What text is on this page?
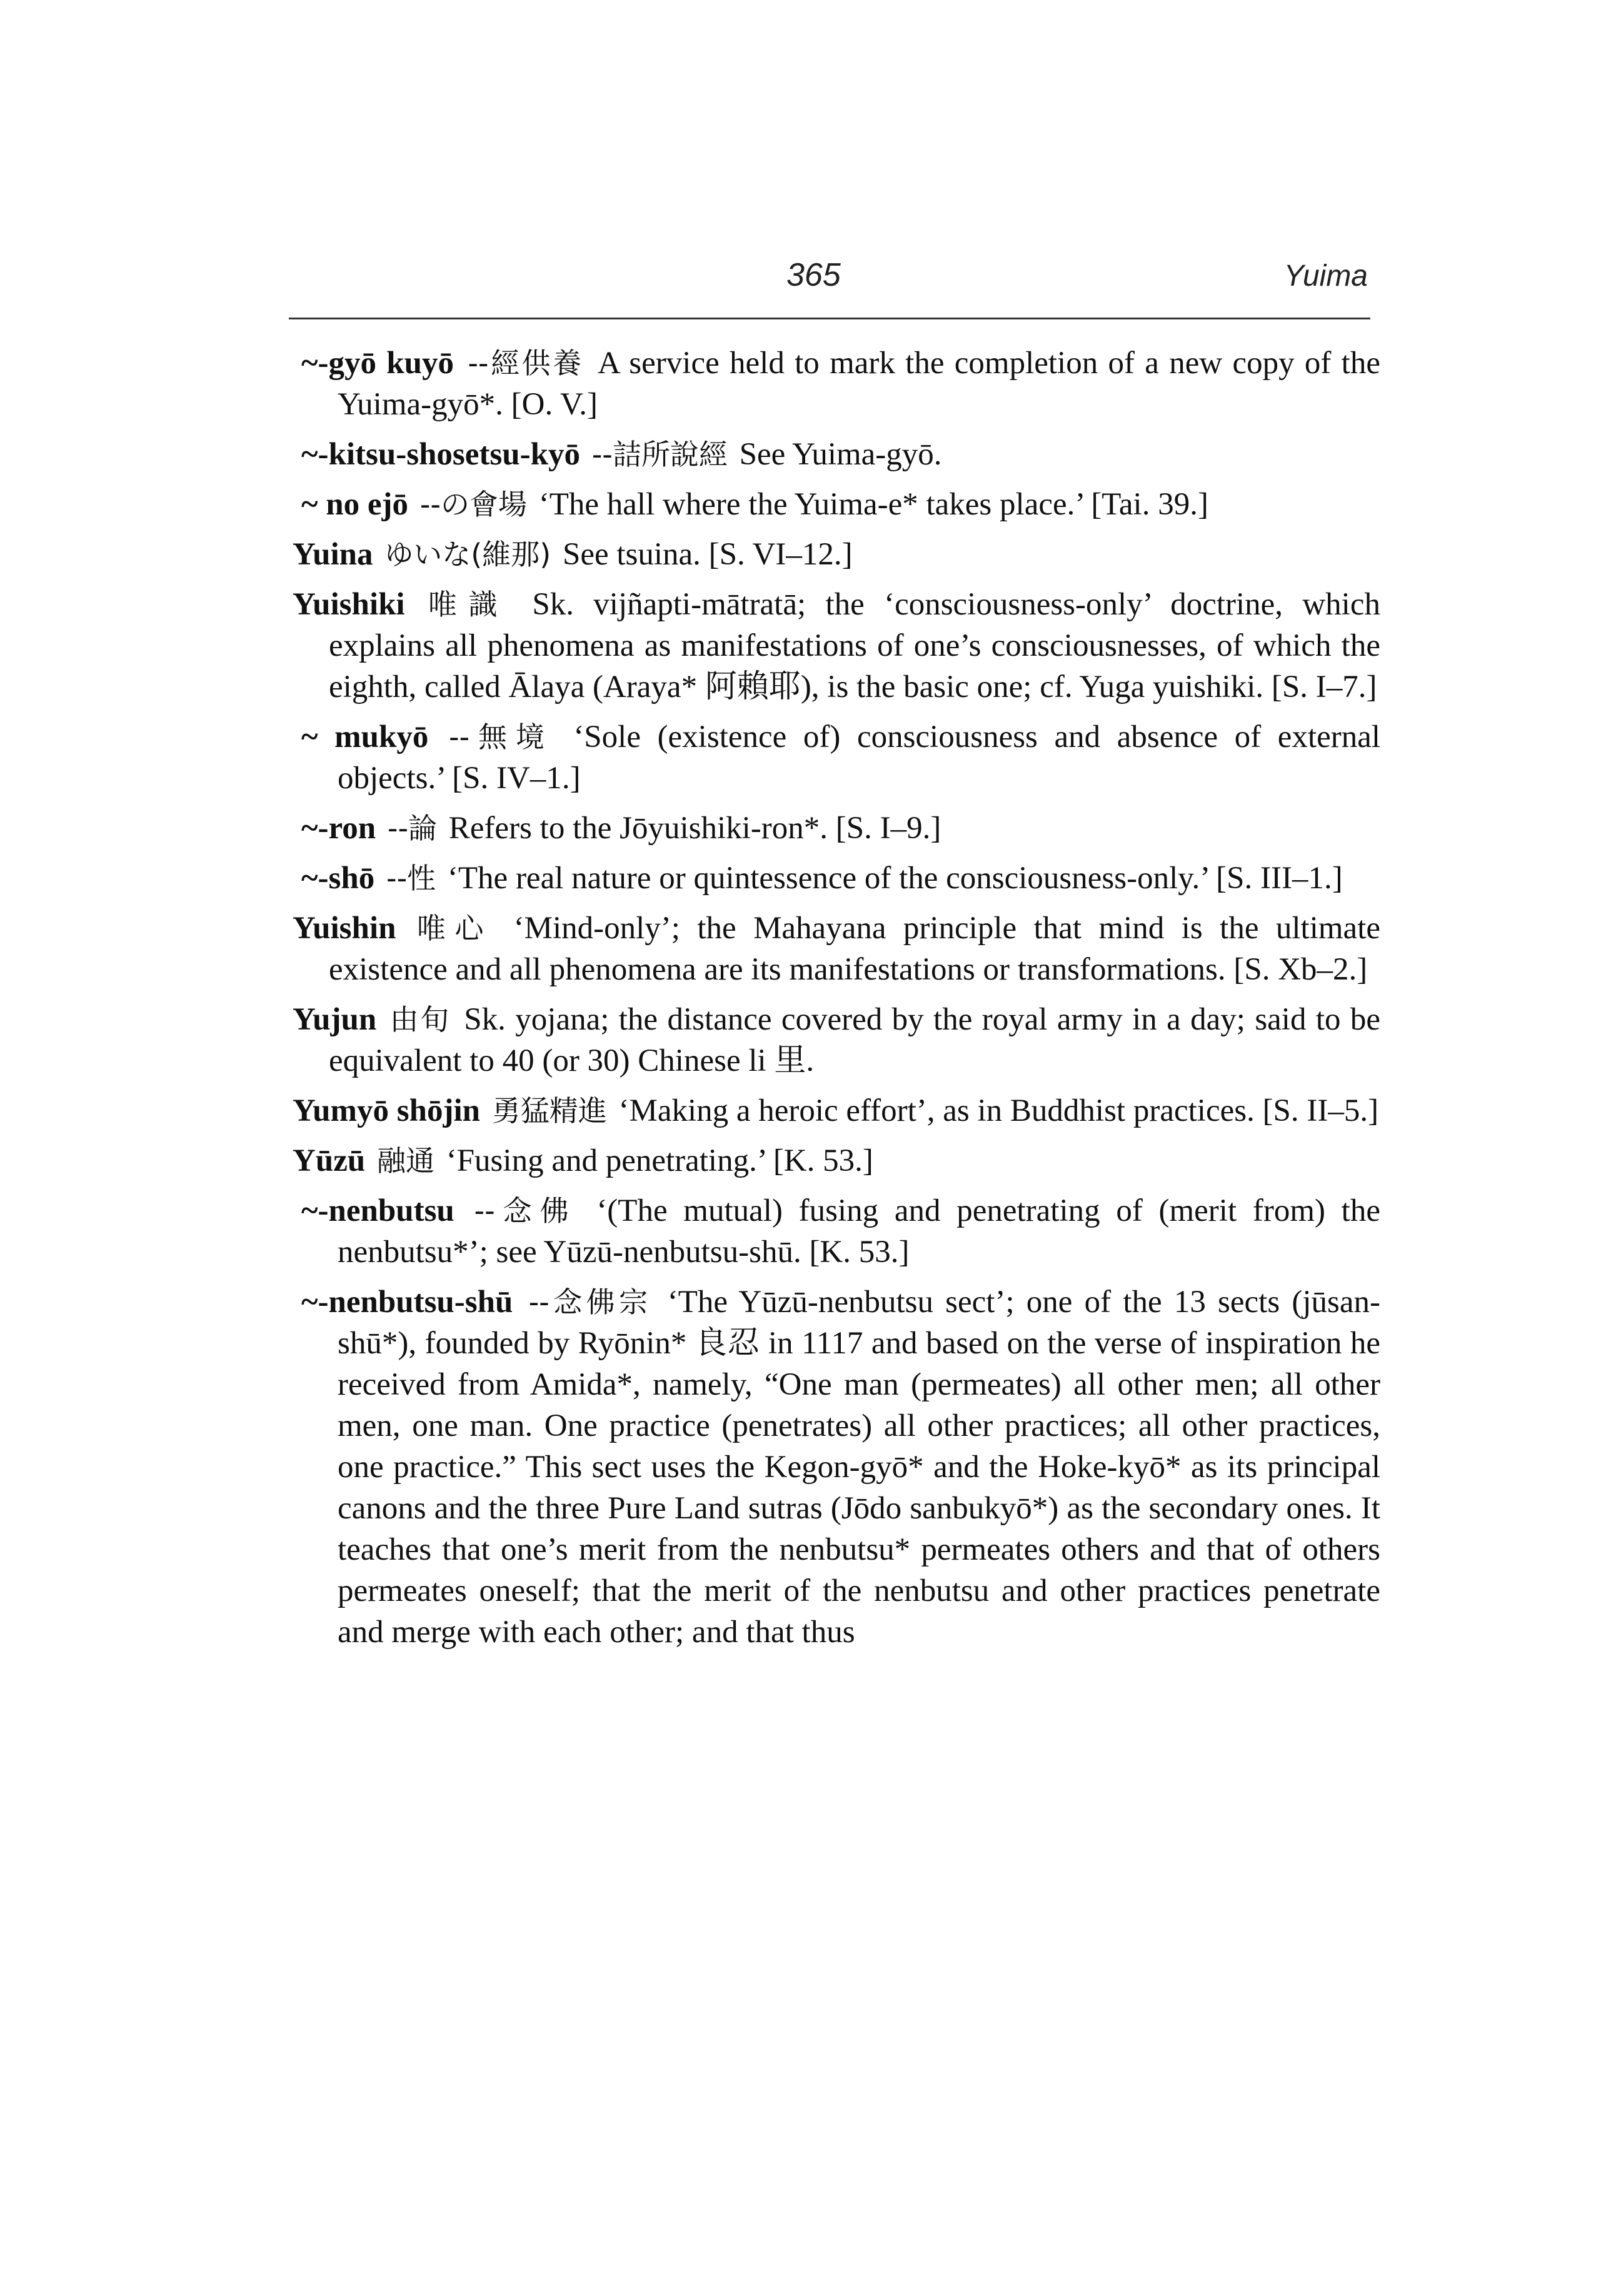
365	Yuima

~-gyō kuyō --經供養 A service held to mark the completion of a new copy of the Yuima-gyō*. [O. V.]

~-kitsu-shosetsu-kyō --詰所說經 See Yuima-gyō.

~ no ejō --の會場 ‘The hall where the Yuima-e* takes place.’ [Tai. 39.]

Yuina ゆいな(維那) See tsuina. [S. VI–12.]

Yuishiki 唯識 Sk. vijñapti-mātratā; the ‘consciousness-only’ doctrine, which explains all phenomena as manifestations of one’s consciousnesses, of which the eighth, called Ālaya (Araya* 阿賴耶), is the basic one; cf. Yuga yuishiki. [S. I–7.]

~ mukyō --無境 ‘Sole (existence of) consciousness and absence of external objects.’ [S. IV–1.]

~-ron --論 Refers to the Jōyuishiki-ron*. [S. I–9.]

~-shō --性 ‘The real nature or quintessence of the consciousness-only.’ [S. III–1.]

Yuishin 唯心 ‘Mind-only’; the Mahayana principle that mind is the ultimate existence and all phenomena are its manifestations or transformations. [S. Xb–2.]

Yujun 由旬 Sk. yojana; the distance covered by the royal army in a day; said to be equivalent to 40 (or 30) Chinese li 里.

Yumyō shōjin 勇猛精進 ‘Making a heroic effort’, as in Buddhist practices. [S. II–5.]

Yūzū 融通 ‘Fusing and penetrating.’ [K. 53.]

~-nenbutsu --念佛 ‘(The mutual) fusing and penetrating of (merit from) the nenbutsu*’; see Yūzū-nenbutsu-shū. [K. 53.]

~-nenbutsu-shū --念佛宗 ‘The Yūzū-nenbutsu sect’; one of the 13 sects (jūsan-shū*), founded by Ryōnin* 良忍 in 1117 and based on the verse of inspiration he received from Amida*, namely, “One man (permeates) all other men; all other men, one man. One practice (penetrates) all other practices; all other practices, one practice.” This sect uses the Kegon-gyō* and the Hoke-kyō* as its principal canons and the three Pure Land sutras (Jōdo sanbukyō*) as the secondary ones. It teaches that one’s merit from the nenbutsu* permeates others and that of others permeates oneself; that the merit of the nenbutsu and other practices penetrate and merge with each other; and that thus
